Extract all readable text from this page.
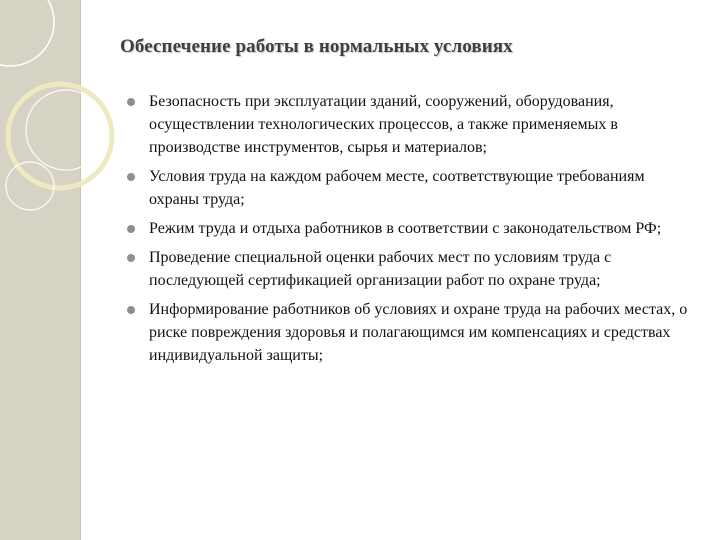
Обеспечение работы в нормальных условиях
Безопасность при эксплуатации зданий, сооружений, оборудования, осуществлении технологических процессов, а также применяемых в производстве инструментов, сырья и материалов;
Условия труда на каждом рабочем месте, соответствующие требованиям охраны труда;
Режим труда и отдыха работников в соответствии с законодательством РФ;
Проведение специальной оценки рабочих мест по условиям труда с последующей сертификацией организации работ по охране труда;
Информирование работников об условиях и охране труда на рабочих местах, о риске повреждения здоровья и полагающимся им компенсациях и средствах индивидуальной защиты;
